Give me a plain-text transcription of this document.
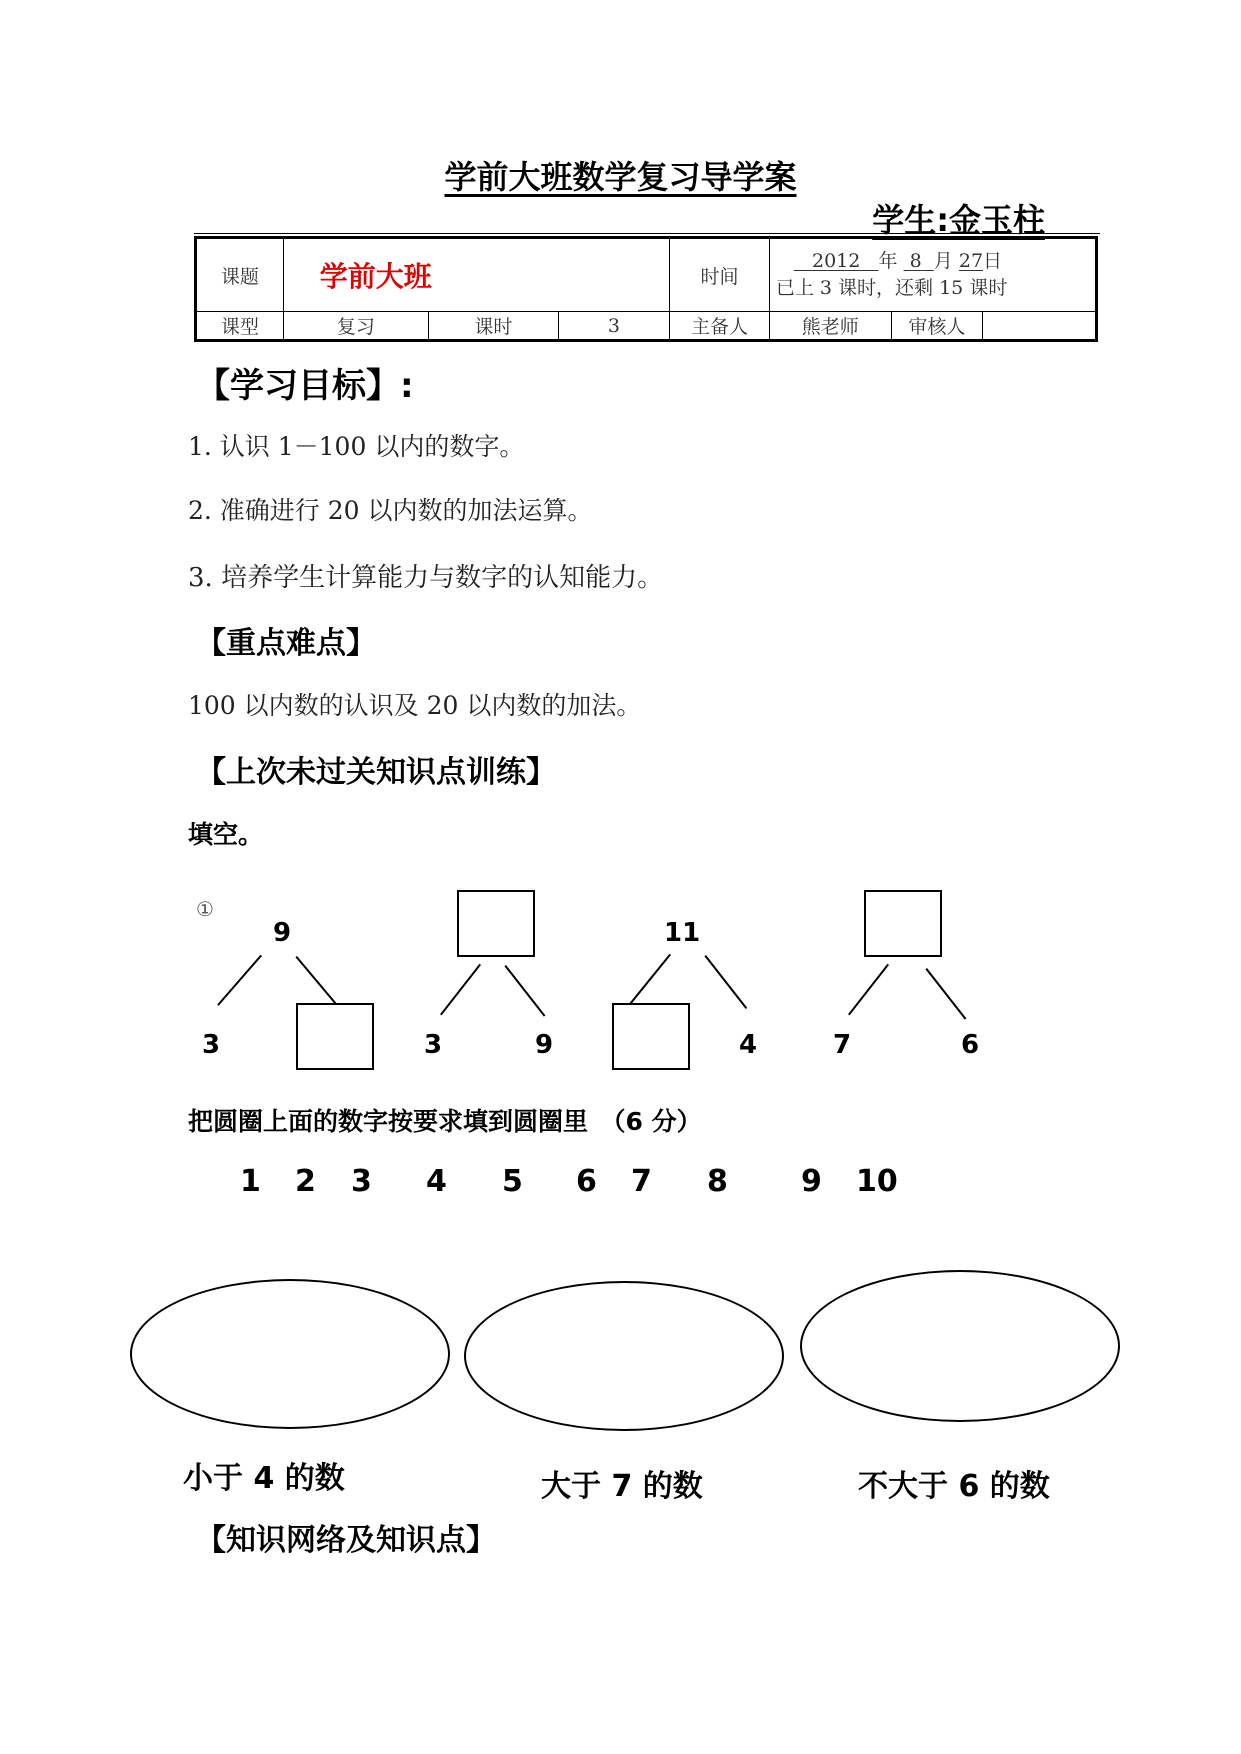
学前大班数学复习导学案
学生:金玉柱
课题	学前大班			时间	2012 年 8 月 27日
已上 3 课时，还剩 15 课时		

课型	复习	课时	3	主备人	熊老师	审核人	
【学习目标】:
1. 认识 1－100 以内的数字。
2. 准确进行 20 以内数的加法运算。
3. 培养学生计算能力与数字的认知能力。
【重点难点】
100 以内数的认识及 20 以内数的加法。
【上次未过关知识点训练】
填空。
①
9
3	3	9
11
4	7	6
把圆圈上面的数字按要求填到圆圈里　（6 分）
1 2 3 4 5 6 7 8 9 10
小于 4 的数	大于 7 的数	不大于 6 的数
【知识网络及知识点】
